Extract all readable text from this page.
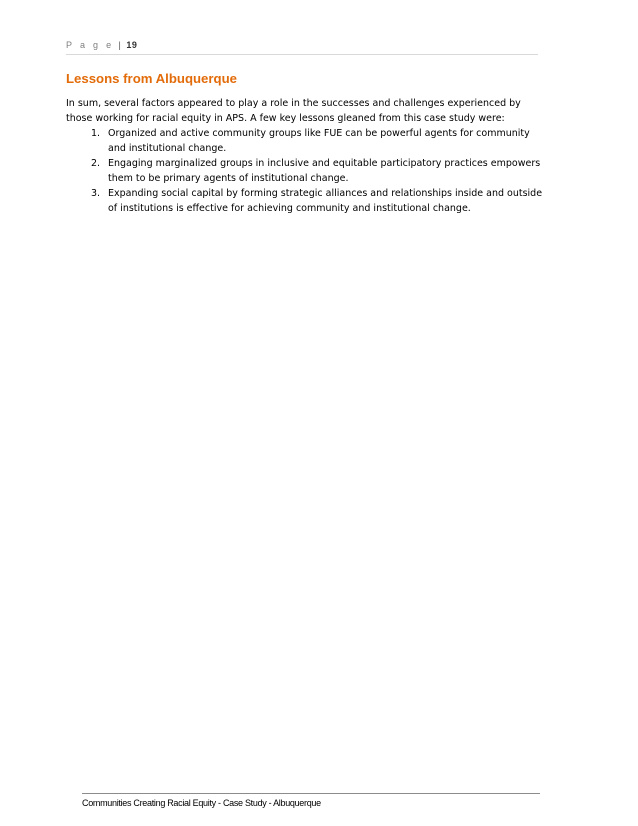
P a g e | 19
Lessons from Albuquerque

In sum, several factors appeared to play a role in the successes and challenges experienced by those working for racial equity in APS. A few key lessons gleaned from this case study were:

1. Organized and active community groups like FUE can be powerful agents for community and institutional change.
2. Engaging marginalized groups in inclusive and equitable participatory practices empowers them to be primary agents of institutional change.
3. Expanding social capital by forming strategic alliances and relationships inside and outside of institutions is effective for achieving community and institutional change.
Communities Creating Racial Equity - Case Study - Albuquerque
